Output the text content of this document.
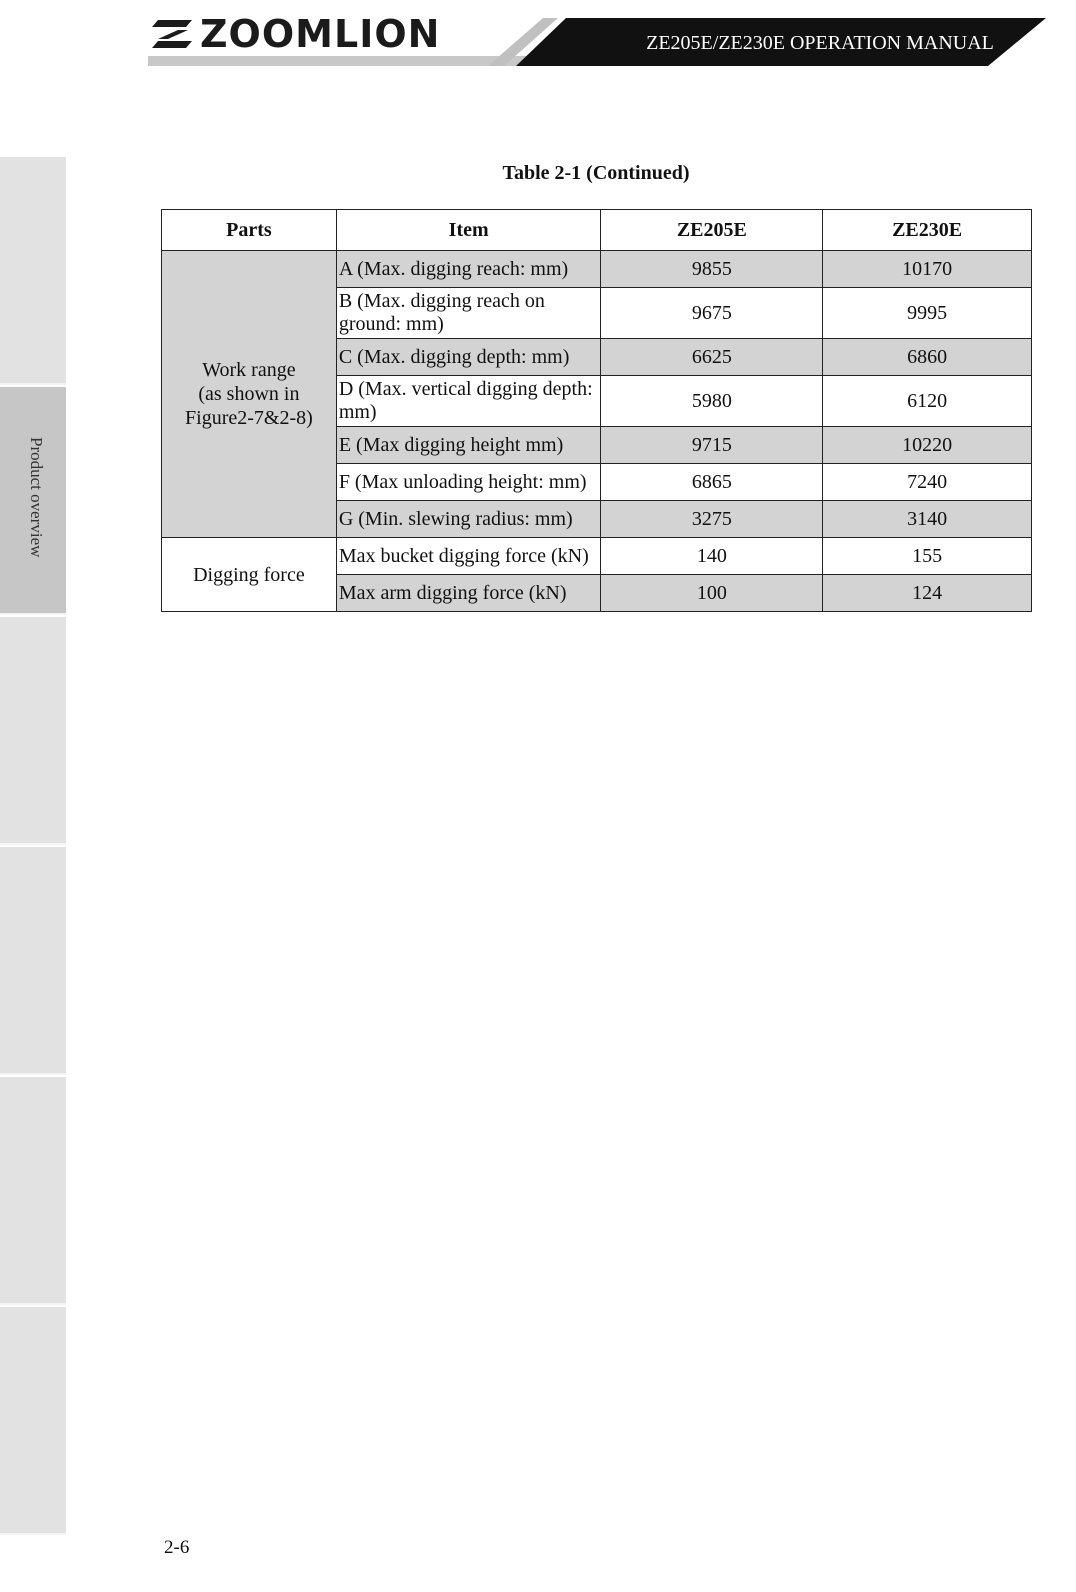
ZOOMLION	ZE205E/ZE230E OPERATION MANUAL
Product overview
Table 2-1 (Continued)
Parts	Item	ZE205E	ZE230E
Work range
(as shown in
Figure2-7&2-8)	A (Max. digging reach: mm)	9855	10170
	B (Max. digging reach on ground: mm)	9675	9995
	C (Max. digging depth: mm)	6625	6860
	D (Max. vertical digging depth: mm)	5980	6120
	E (Max digging height mm)	9715	10220
	F (Max unloading height: mm)	6865	7240
	G (Min. slewing radius: mm)	3275	3140
Digging force	Max bucket digging force (kN)	140	155
	Max arm digging force (kN)	100	124
2-6
